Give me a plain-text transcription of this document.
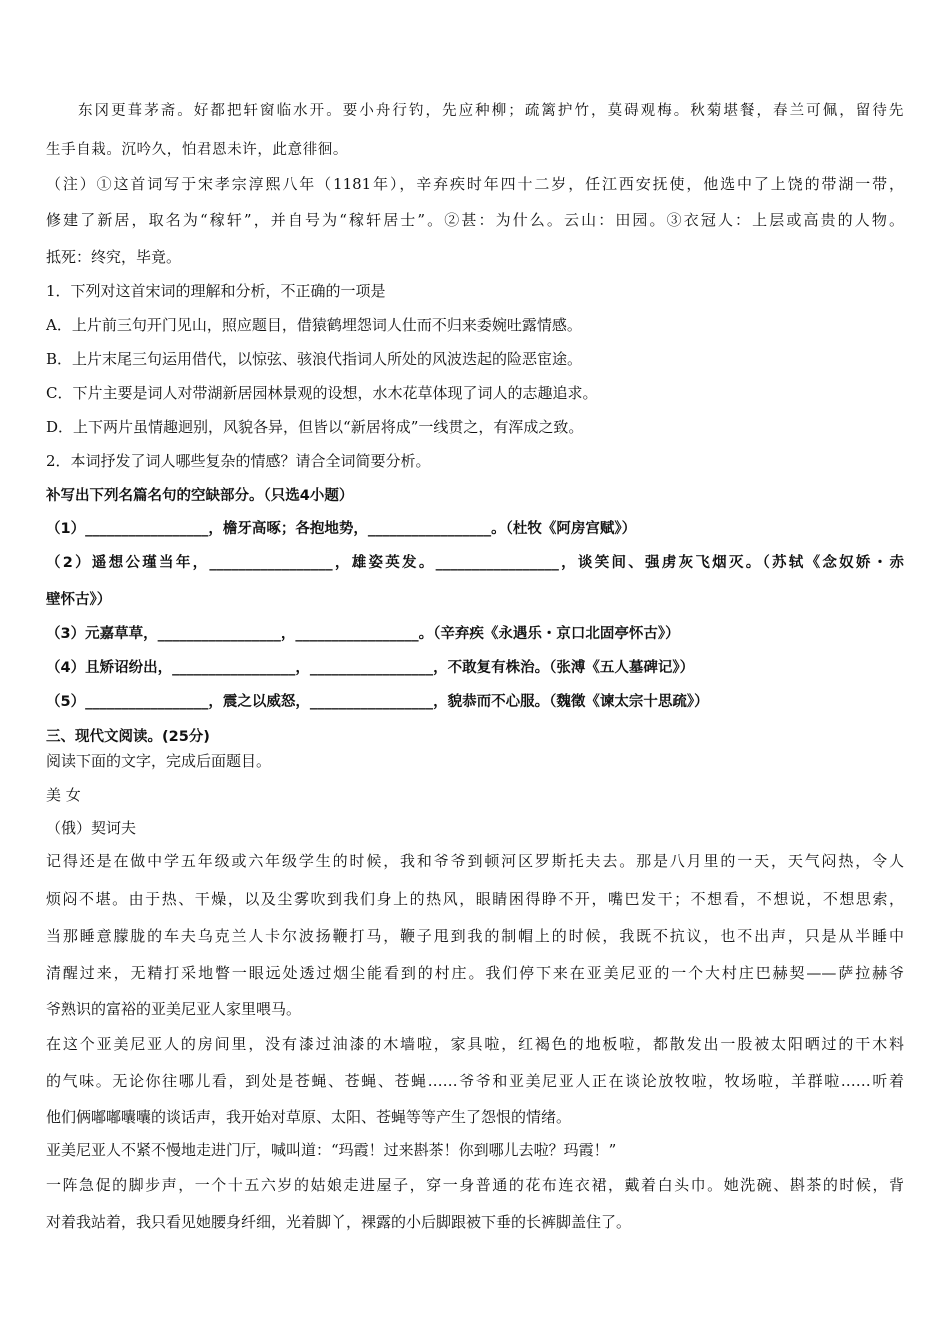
东冈更葺茅斋。好都把轩窗临水开。要小舟行钓，先应种柳；疏篱护竹，莫碍观梅。秋菊堪餐，春兰可佩，留待先
生手自栽。沉吟久，怕君恩未许，此意徘徊。
（注）①这首词写于宋孝宗淳熙八年（1181年），辛弃疾时年四十二岁，任江西安抚使，他选中了上饶的带湖一带，
修建了新居，取名为“稼轩”，并自号为“稼轩居士”。②甚：为什么。云山：田园。③衣冠人：上层或高贵的人物。
抵死：终究，毕竟。
1．下列对这首宋词的理解和分析，不正确的一项是
A．上片前三句开门见山，照应题目，借猿鹤埋怨词人仕而不归来委婉吐露情感。
B．上片末尾三句运用借代，以惊弦、骇浪代指词人所处的风波迭起的险恶宦途。
C．下片主要是词人对带湖新居园林景观的设想，水木花草体现了词人的志趣追求。
D．上下两片虽情趣迥别，风貌各异，但皆以“新居将成”一线贯之，有浑成之致。
2．本词抒发了词人哪些复杂的情感？请合全词简要分析。
补写出下列名篇名句的空缺部分。（只选4小题）
（1）_________________，檐牙高啄；各抱地势，_________________。（杜牧《阿房宫赋》）
（2）遥想公瑾当年，_________________，雄姿英发。_________________，谈笑间、强虏灰飞烟灭。（苏轼《念奴娇・赤
壁怀古》）
（3）元嘉草草，_________________，_________________。（辛弃疾《永遇乐・京口北固亭怀古》）
（4）且矫诏纷出，_________________，_________________，不敢复有株治。（张溥《五人墓碑记》）
（5）_________________，震之以威怒，_________________，貌恭而不心服。（魏徵《谏太宗十思疏》）
三、现代文阅读。(25分)
阅读下面的文字，完成后面题目。
美 女
（俄）契诃夫
记得还是在做中学五年级或六年级学生的时候，我和爷爷到顿河区罗斯托夫去。那是八月里的一天，天气闷热，令人
烦闷不堪。由于热、干燥，以及尘雾吹到我们身上的热风，眼睛困得睁不开，嘴巴发干；不想看，不想说，不想思索，
当那睡意朦胧的车夫乌克兰人卡尔波扬鞭打马，鞭子甩到我的制帽上的时候，我既不抗议，也不出声，只是从半睡中
清醒过来，无精打采地瞥一眼远处透过烟尘能看到的村庄。我们停下来在亚美尼亚的一个大村庄巴赫契——萨拉赫爷
爷熟识的富裕的亚美尼亚人家里喂马。
在这个亚美尼亚人的房间里，没有漆过油漆的木墙啦，家具啦，红褐色的地板啦，都散发出一股被太阳晒过的干木料
的气味。无论你往哪儿看，到处是苍蝇、苍蝇、苍蝇……爷爷和亚美尼亚人正在谈论放牧啦，牧场啦，羊群啦……听着
他们俩嘟嘟囔囔的谈话声，我开始对草原、太阳、苍蝇等等产生了怨恨的情绪。
亚美尼亚人不紧不慢地走进门厅，喊叫道：“玛霞！过来斟茶！你到哪儿去啦？玛霞！”
一阵急促的脚步声，一个十五六岁的姑娘走进屋子，穿一身普通的花布连衣裙，戴着白头巾。她洗碗、斟茶的时候，背
对着我站着，我只看见她腰身纤细，光着脚丫，裸露的小后脚跟被下垂的长裤脚盖住了。
